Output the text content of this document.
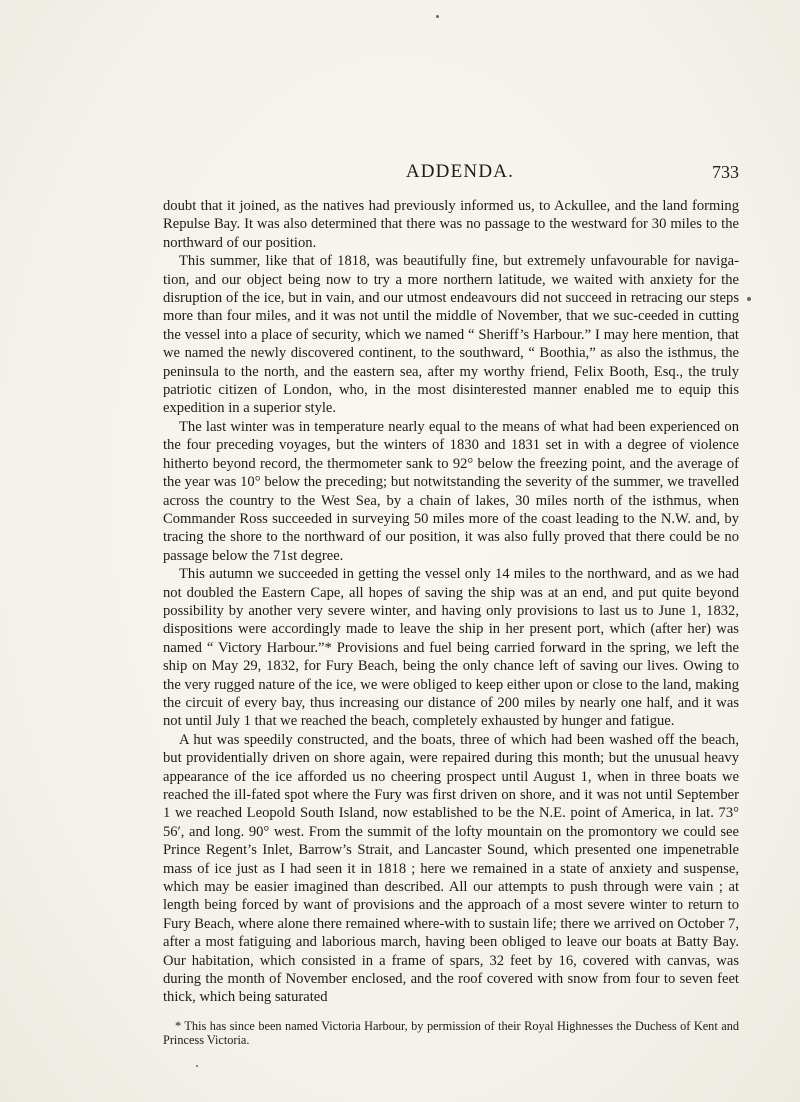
ADDENDA.	733

doubt that it joined, as the natives had previously informed us, to Ackullee, and the land forming Repulse Bay. It was also determined that there was no passage to the westward for 30 miles to the northward of our position.

This summer, like that of 1818, was beautifully fine, but extremely unfavourable for naviga-tion, and our object being now to try a more northern latitude, we waited with anxiety for the disruption of the ice, but in vain, and our utmost endeavours did not succeed in retracing our steps more than four miles, and it was not until the middle of November, that we suc-ceeded in cutting the vessel into a place of security, which we named “ Sheriff’s Harbour.” I may here mention, that we named the newly discovered continent, to the southward, “ Boothia,” as also the isthmus, the peninsula to the north, and the eastern sea, after my worthy friend, Felix Booth, Esq., the truly patriotic citizen of London, who, in the most disinterested manner enabled me to equip this expedition in a superior style.

The last winter was in temperature nearly equal to the means of what had been experienced on the four preceding voyages, but the winters of 1830 and 1831 set in with a degree of violence hitherto beyond record, the thermometer sank to 92° below the freezing point, and the average of the year was 10° below the preceding; but notwitstanding the severity of the summer, we travelled across the country to the West Sea, by a chain of lakes, 30 miles north of the isthmus, when Commander Ross succeeded in surveying 50 miles more of the coast leading to the N.W. and, by tracing the shore to the northward of our position, it was also fully proved that there could be no passage below the 71st degree.

This autumn we succeeded in getting the vessel only 14 miles to the northward, and as we had not doubled the Eastern Cape, all hopes of saving the ship was at an end, and put quite beyond possibility by another very severe winter, and having only provisions to last us to June 1, 1832, dispositions were accordingly made to leave the ship in her present port, which (after her) was named “ Victory Harbour.”* Provisions and fuel being carried forward in the spring, we left the ship on May 29, 1832, for Fury Beach, being the only chance left of saving our lives. Owing to the very rugged nature of the ice, we were obliged to keep either upon or close to the land, making the circuit of every bay, thus increasing our distance of 200 miles by nearly one half, and it was not until July 1 that we reached the beach, completely exhausted by hunger and fatigue.

A hut was speedily constructed, and the boats, three of which had been washed off the beach, but providentially driven on shore again, were repaired during this month; but the unusual heavy appearance of the ice afforded us no cheering prospect until August 1, when in three boats we reached the ill-fated spot where the Fury was first driven on shore, and it was not until September 1 we reached Leopold South Island, now established to be the N.E. point of America, in lat. 73° 56′, and long. 90° west. From the summit of the lofty mountain on the promontory we could see Prince Regent’s Inlet, Barrow’s Strait, and Lancaster Sound, which presented one impenetrable mass of ice just as I had seen it in 1818 ; here we remained in a state of anxiety and suspense, which may be easier imagined than described. All our attempts to push through were vain ; at length being forced by want of provisions and the approach of a most severe winter to return to Fury Beach, where alone there remained where-with to sustain life; there we arrived on October 7, after a most fatiguing and laborious march, having been obliged to leave our boats at Batty Bay. Our habitation, which consisted in a frame of spars, 32 feet by 16, covered with canvas, was during the month of November enclosed, and the roof covered with snow from four to seven feet thick, which being saturated

* This has since been named Victoria Harbour, by permission of their Royal Highnesses the Duchess of Kent and Princess Victoria.
